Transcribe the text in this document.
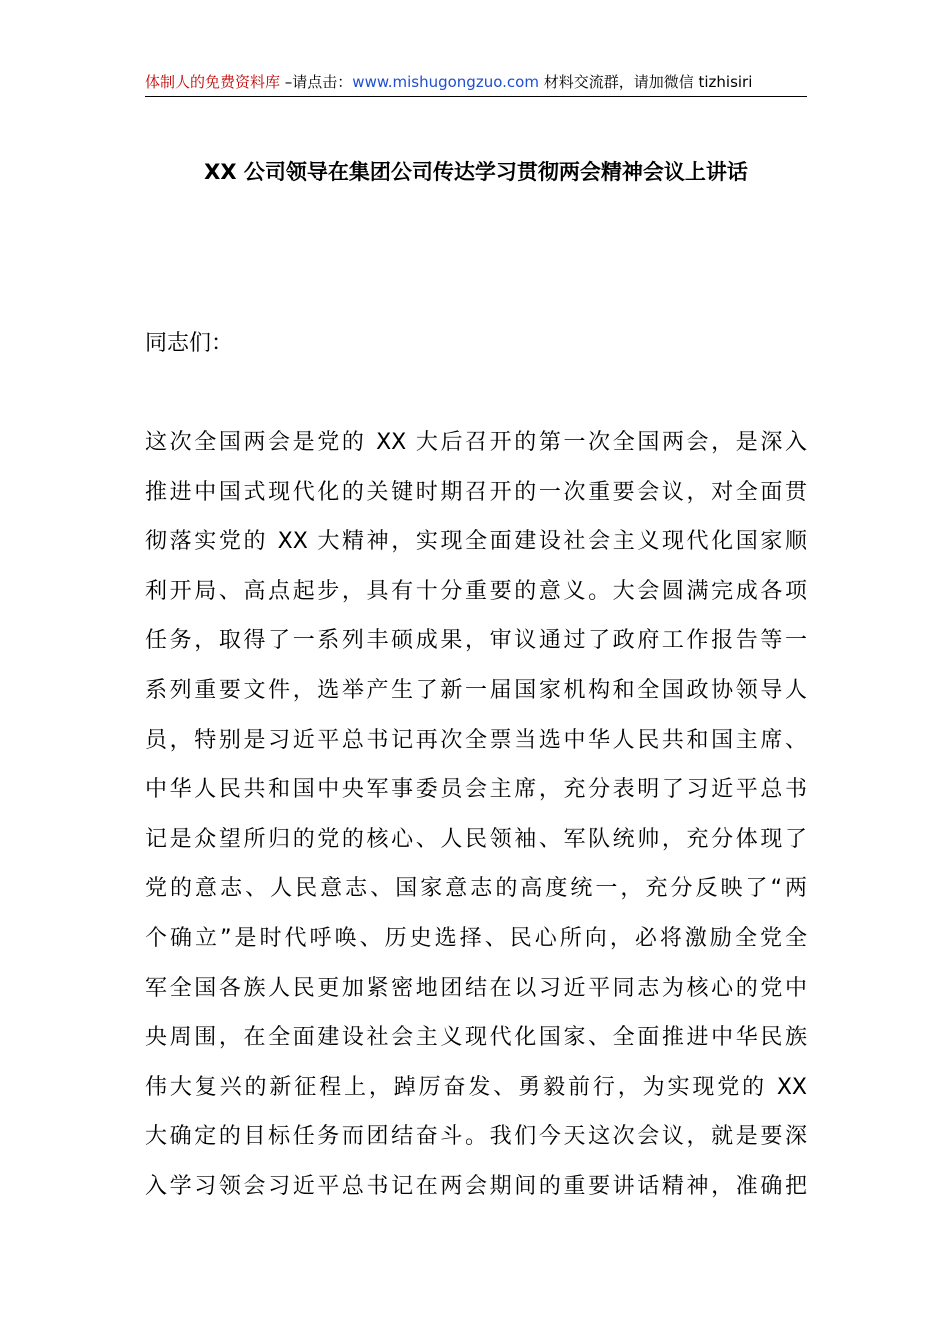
体制人的免费资料库 –请点击：www.mishugongzuo.com 材料交流群，请加微信 tizhisiri
XX 公司领导在集团公司传达学习贯彻两会精神会议上讲话
同志们：
这次全国两会是党的 XX 大后召开的第一次全国两会，是深入
推进中国式现代化的关键时期召开的一次重要会议，对全面贯
彻落实党的 XX 大精神，实现全面建设社会主义现代化国家顺
利开局、高点起步，具有十分重要的意义。大会圆满完成各项
任务，取得了一系列丰硕成果，审议通过了政府工作报告等一
系列重要文件，选举产生了新一届国家机构和全国政协领导人
员，特别是习近平总书记再次全票当选中华人民共和国主席、
中华人民共和国中央军事委员会主席，充分表明了习近平总书
记是众望所归的党的核心、人民领袖、军队统帅，充分体现了
党的意志、人民意志、国家意志的高度统一，充分反映了“两
个确立”是时代呼唤、历史选择、民心所向，必将激励全党全
军全国各族人民更加紧密地团结在以习近平同志为核心的党中
央周围，在全面建设社会主义现代化国家、全面推进中华民族
伟大复兴的新征程上，踔厉奋发、勇毅前行，为实现党的 XX
大确定的目标任务而团结奋斗。我们今天这次会议，就是要深
入学习领会习近平总书记在两会期间的重要讲话精神，准确把
